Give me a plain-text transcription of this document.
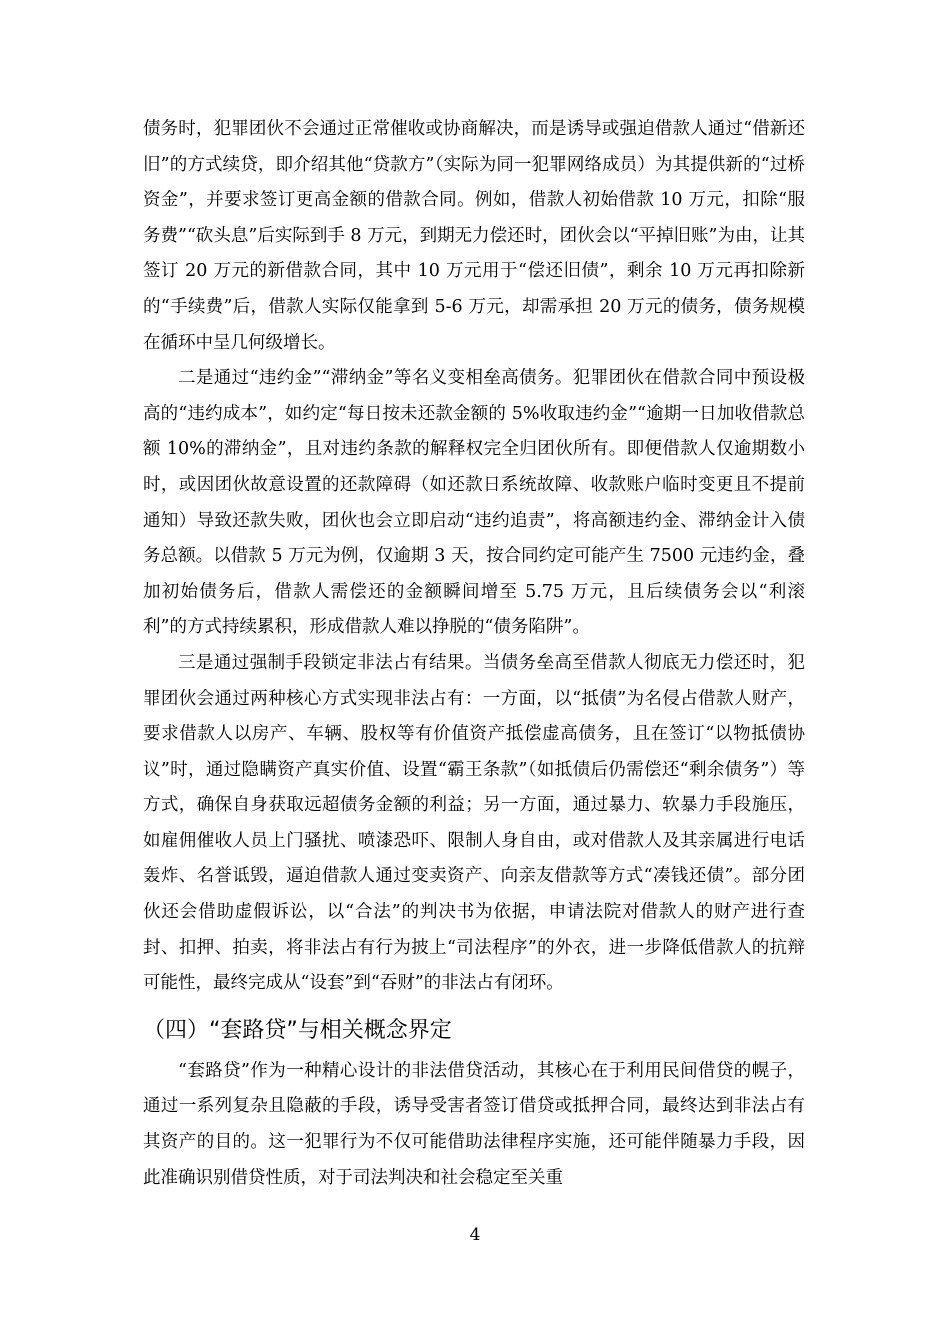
债务时，犯罪团伙不会通过正常催收或协商解决，而是诱导或强迫借款人通过“借新还旧”的方式续贷，即介绍其他“贷款方”（实际为同一犯罪网络成员）为其提供新的“过桥资金”，并要求签订更高金额的借款合同。例如，借款人初始借款 10 万元，扣除“服务费”“砍头息”后实际到手 8 万元，到期无力偿还时，团伙会以“平掉旧账”为由，让其签订 20 万元的新借款合同，其中 10 万元用于“偿还旧债”，剩余 10 万元再扣除新的“手续费”后，借款人实际仅能拿到 5-6 万元，却需承担 20 万元的债务，债务规模在循环中呈几何级增长。

二是通过“违约金”“滞纳金”等名义变相垒高债务。犯罪团伙在借款合同中预设极高的“违约成本”，如约定“每日按未还款金额的 5%收取违约金”“逾期一日加收借款总额 10%的滞纳金”，且对违约条款的解释权完全归团伙所有。即便借款人仅逾期数小时，或因团伙故意设置的还款障碍（如还款日系统故障、收款账户临时变更且不提前通知）导致还款失败，团伙也会立即启动“违约追责”，将高额违约金、滞纳金计入债务总额。以借款 5 万元为例，仅逾期 3 天，按合同约定可能产生 7500 元违约金，叠加初始债务后，借款人需偿还的金额瞬间增至 5.75 万元，且后续债务会以“利滚利”的方式持续累积，形成借款人难以挣脱的“债务陷阱”。

三是通过强制手段锁定非法占有结果。当债务垒高至借款人彻底无力偿还时，犯罪团伙会通过两种核心方式实现非法占有：一方面，以“抵债”为名侵占借款人财产，要求借款人以房产、车辆、股权等有价值资产抵偿虚高债务，且在签订“以物抵债协议”时，通过隐瞒资产真实价值、设置“霸王条款”（如抵债后仍需偿还“剩余债务”）等方式，确保自身获取远超债务金额的利益；另一方面，通过暴力、软暴力手段施压，如雇佣催收人员上门骚扰、喷漆恐吓、限制人身自由，或对借款人及其亲属进行电话轰炸、名誉诋毁，逼迫借款人通过变卖资产、向亲友借款等方式“凑钱还债”。部分团伙还会借助虚假诉讼，以“合法”的判决书为依据，申请法院对借款人的财产进行查封、扣押、拍卖，将非法占有行为披上“司法程序”的外衣，进一步降低借款人的抗辩可能性，最终完成从“设套”到“吞财”的非法占有闭环。

（四）“套路贷”与相关概念界定

“套路贷”作为一种精心设计的非法借贷活动，其核心在于利用民间借贷的幌子，通过一系列复杂且隐蔽的手段，诱导受害者签订借贷或抵押合同，最终达到非法占有其资产的目的。这一犯罪行为不仅可能借助法律程序实施，还可能伴随暴力手段，因此准确识别借贷性质，对于司法判决和社会稳定至关重

4
